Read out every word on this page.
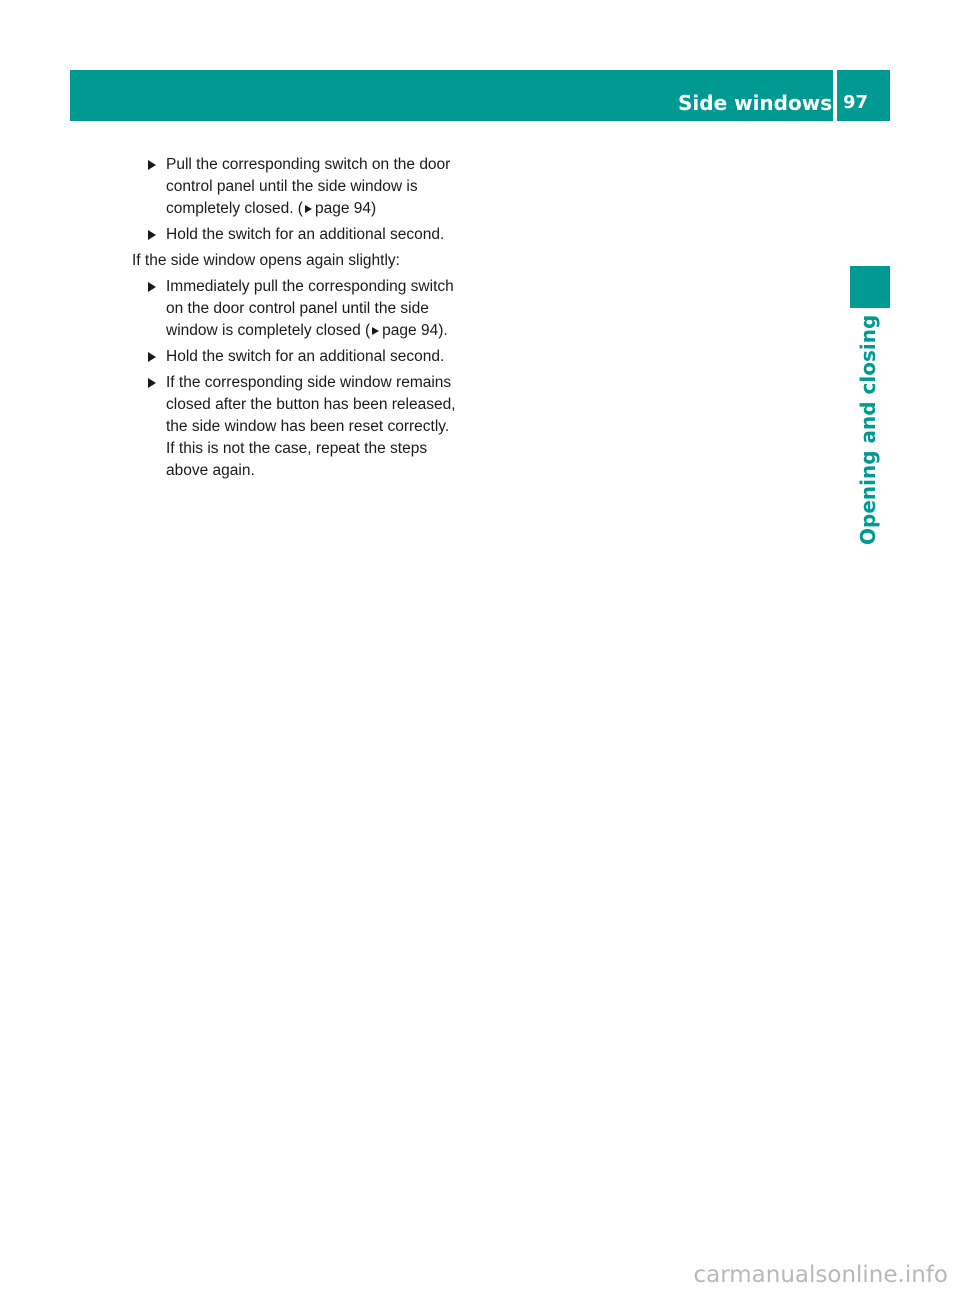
Side windows 97
Opening and closing
Pull the corresponding switch on the door
control panel until the side window is
completely closed. ( page 94)
Hold the switch for an additional second.
If the side window opens again slightly:
Immediately pull the corresponding switch
on the door control panel until the side
window is completely closed ( page 94).
Hold the switch for an additional second.
If the corresponding side window remains
closed after the button has been released,
the side window has been reset correctly.
If this is not the case, repeat the steps
above again.
carmanualsonline.info
